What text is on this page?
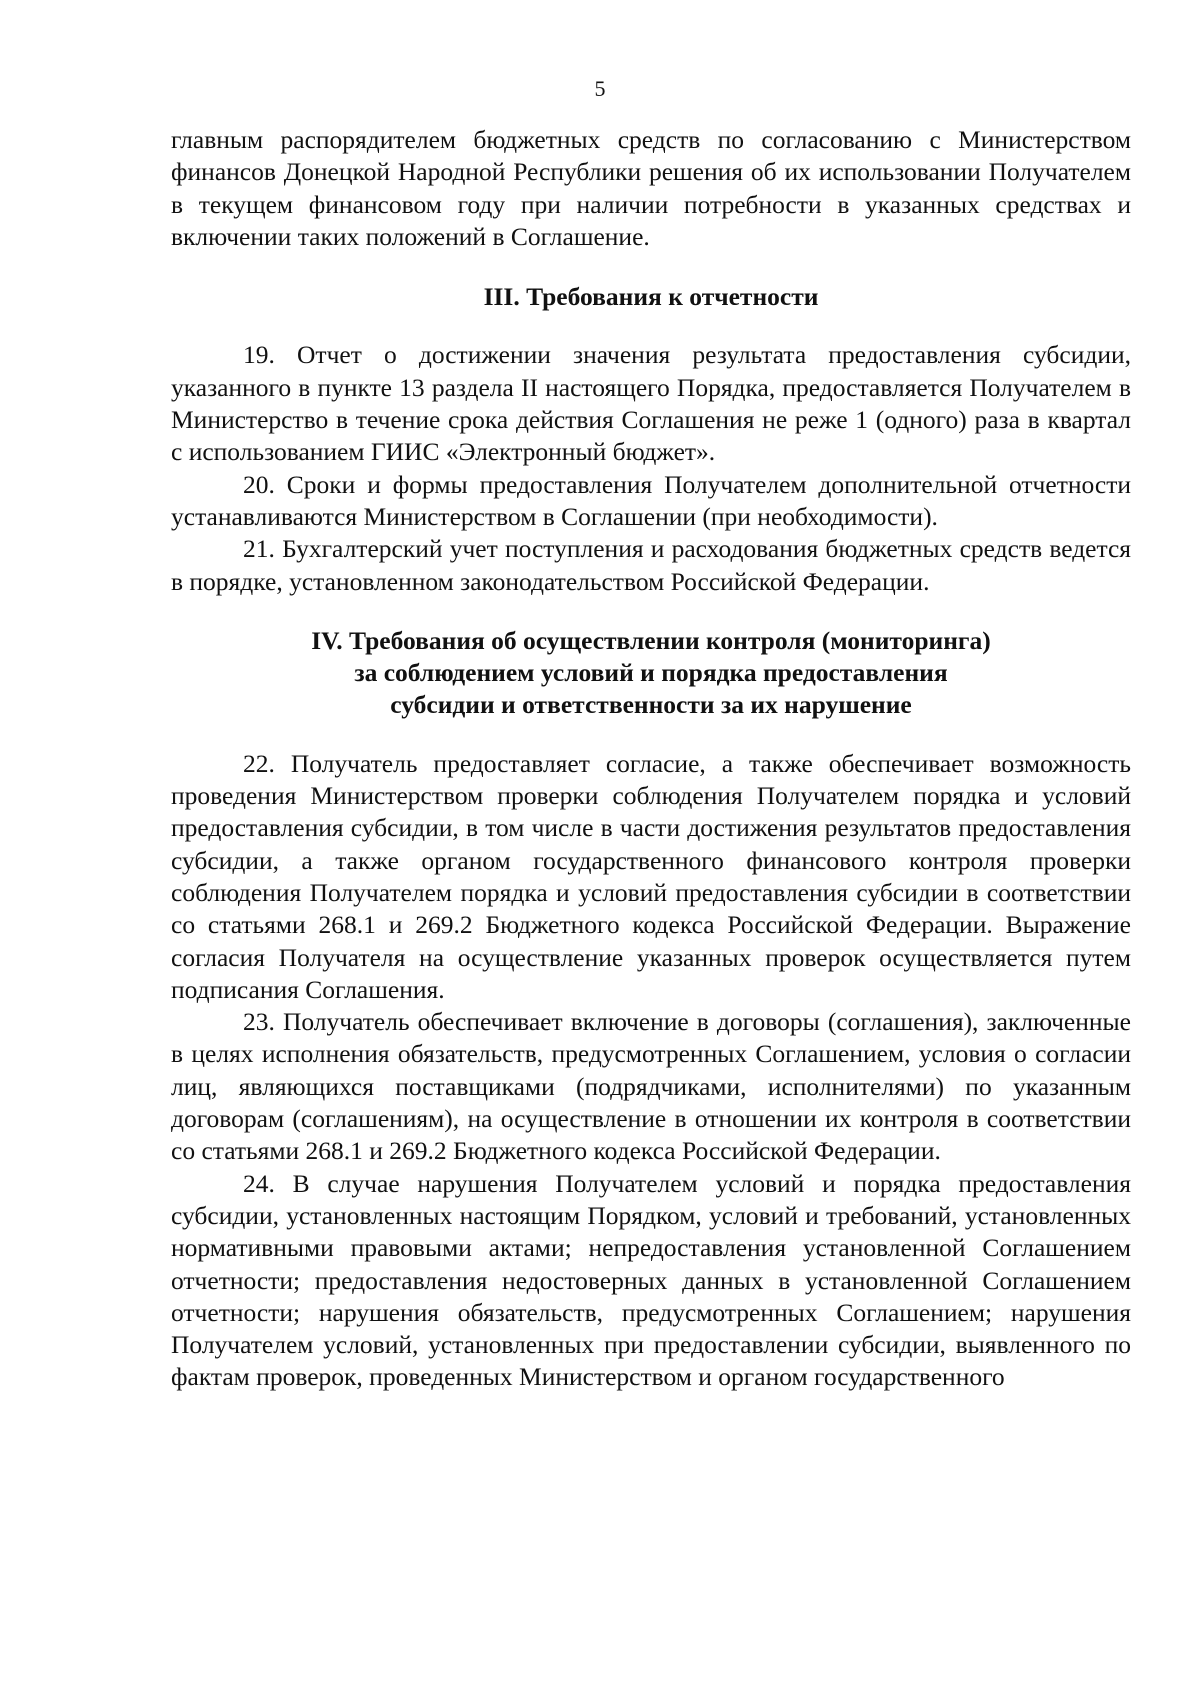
5

главным распорядителем бюджетных средств по согласованию с Министерством финансов Донецкой Народной Республики решения об их использовании Получателем в текущем финансовом году при наличии потребности в указанных средствах и включении таких положений в Соглашение.

III. Требования к отчетности

19. Отчет о достижении значения результата предоставления субсидии, указанного в пункте 13 раздела II настоящего Порядка, предоставляется Получателем в Министерство в течение срока действия Соглашения не реже 1 (одного) раза в квартал с использованием ГИИС «Электронный бюджет».

20. Сроки и формы предоставления Получателем дополнительной отчетности устанавливаются Министерством в Соглашении (при необходимости).

21. Бухгалтерский учет поступления и расходования бюджетных средств ведется в порядке, установленном законодательством Российской Федерации.

IV. Требования об осуществлении контроля (мониторинга)
за соблюдением условий и порядка предоставления
субсидии и ответственности за их нарушение

22. Получатель предоставляет согласие, а также обеспечивает возможность проведения Министерством проверки соблюдения Получателем порядка и условий предоставления субсидии, в том числе в части достижения результатов предоставления субсидии, а также органом государственного финансового контроля проверки соблюдения Получателем порядка и условий предоставления субсидии в соответствии со статьями 268.1 и 269.2 Бюджетного кодекса Российской Федерации. Выражение согласия Получателя на осуществление указанных проверок осуществляется путем подписания Соглашения.

23. Получатель обеспечивает включение в договоры (соглашения), заключенные в целях исполнения обязательств, предусмотренных Соглашением, условия о согласии лиц, являющихся поставщиками (подрядчиками, исполнителями) по указанным договорам (соглашениям), на осуществление в отношении их контроля в соответствии со статьями 268.1 и 269.2 Бюджетного кодекса Российской Федерации.

24. В случае нарушения Получателем условий и порядка предоставления субсидии, установленных настоящим Порядком, условий и требований, установленных нормативными правовыми актами; непредоставления установленной Соглашением отчетности; предоставления недостоверных данных в установленной Соглашением отчетности; нарушения обязательств, предусмотренных Соглашением; нарушения Получателем условий, установленных при предоставлении субсидии, выявленного по фактам проверок, проведенных Министерством и органом государственного
